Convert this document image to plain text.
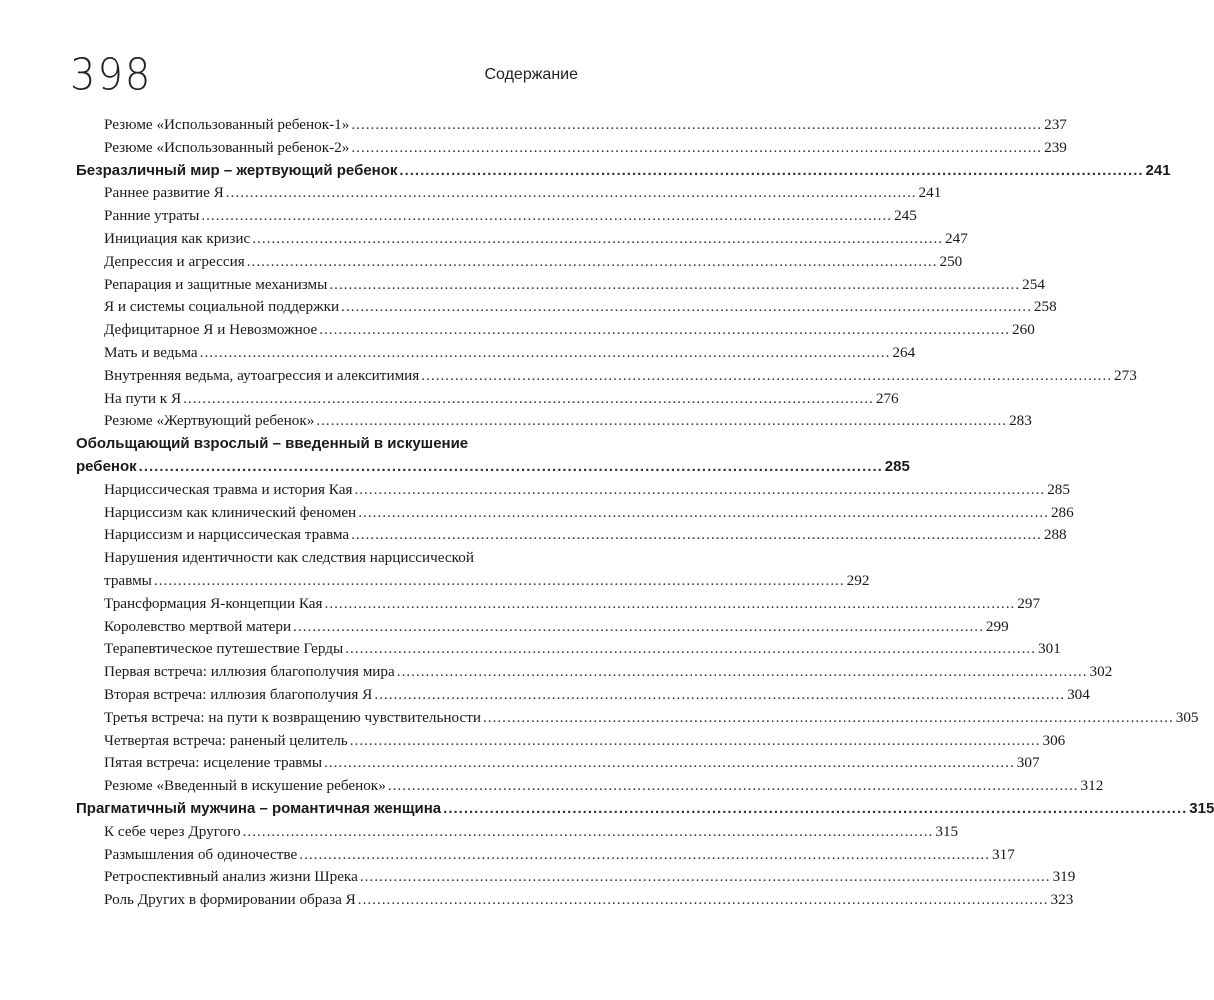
398	Содержание
Резюме «Использованный ребенок-1» .....	237
Резюме «Использованный ребенок-2» .....	239
Безразличный мир – жертвующий ребенок .....	241
Раннее развитие Я .....	241
Ранние утраты .....	245
Инициация как кризис .....	247
Депрессия и агрессия .....	250
Репарация и защитные механизмы .....	254
Я и системы социальной поддержки .....	258
Дефицитарное Я и Невозможное .....	260
Мать и ведьма .....	264
Внутренняя ведьма, аутоагрессия и алекситимия .....	273
На пути к Я .....	276
Резюме «Жертвующий ребенок» .....	283
Обольщающий взрослый – введенный в искушение
ребенок .....	285
Нарциссическая травма и история Кая .....	285
Нарциссизм как клинический феномен .....	286
Нарциссизм и нарциссическая травма .....	288
Нарушения идентичности как следствия нарциссической
травмы .....	292
Трансформация Я-концепции Кая .....	297
Королевство мертвой матери .....	299
Терапевтическое путешествие Герды .....	301
Первая встреча: иллюзия благополучия мира .....	302
Вторая встреча: иллюзия благополучия Я .....	304
Третья встреча: на пути к возвращению чувствительности .....	305
Четвертая встреча: раненый целитель .....	306
Пятая встреча: исцеление травмы .....	307
Резюме «Введенный в искушение ребенок» .....	312
Прагматичный мужчина – романтичная женщина .....	315
К себе через Другого .....	315
Размышления об одиночестве .....	317
Ретроспективный анализ жизни Шрека .....	319
Роль Других в формировании образа Я .....	323
